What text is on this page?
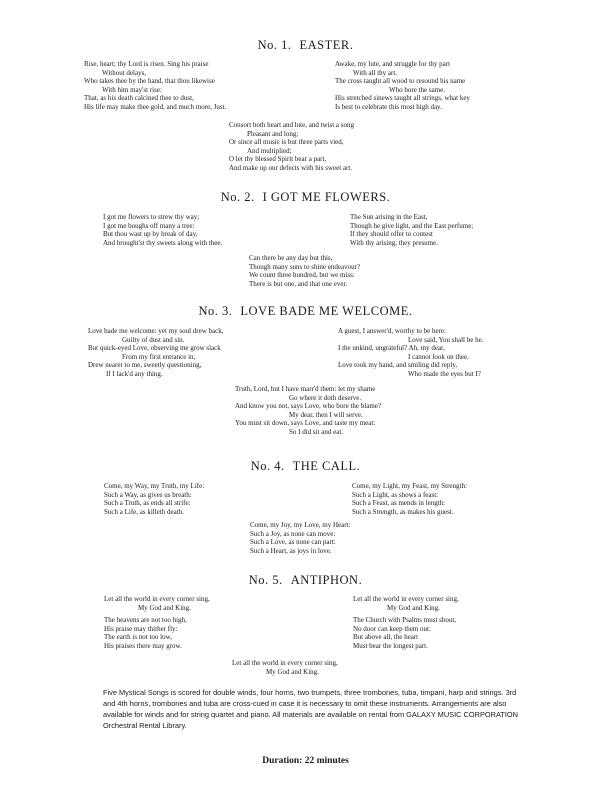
No. 1. EASTER.
Rise, heart; thy Lord is risen. Sing his praise
Without delays,
Who takes thee by the hand, that thou likewise
With him may'st rise:
That, as his death calcined thee to dust,
His life may make thee gold, and much more, Just.
Awake, my lute, and struggle for thy part
With all thy art.
The cross taught all wood to resound his name
Who bore the same.
His stretched sinews taught all strings, what key
Is best to celebrate this most high day.
Consort both heart and lute, and twist a song
Pleasant and long;
Or since all music is but three parts vied,
And multiplied;
O let thy blessed Spirit bear a part,
And make up our defects with his sweet art.
No. 2. I GOT ME FLOWERS.
I got me flowers to strew thy way;
I got me boughs off many a tree:
But thou wast up by break of day,
And brought'st thy sweets along with thee.
The Sun arising in the East,
Though he give light, and the East perfume;
If they should offer to contest
With thy arising, they presume.
Can there be any day but this,
Though many suns to shine endeavour?
We count three hundred, but we miss:
There is but one, and that one ever.
No. 3. LOVE BADE ME WELCOME.
Love bade me welcome: yet my soul drew back,
Guilty of dust and sin.
But quick-eyed Love, observing me grow slack
From my first entrance in,
Drew nearer to me, sweetly questioning,
If I lack'd any thing.
A guest, I answer'd, worthy to be here:
Love said, You shall be he.
I the unkind, ungrateful? Ah, my dear,
I cannot look on thee.
Love took my hand, and smiling did reply,
Who made the eyes but I?
Truth, Lord, but I have marr'd them: let my shame
Go where it doth deserve.
And know you not, says Love, who bore the blame?
My dear, then I will serve.
You must sit down, says Love, and taste my meat:
So I did sit and eat.
No. 4. THE CALL.
Come, my Way, my Truth, my Life:
Such a Way, as gives us breath:
Such a Truth, as ends all strife:
Such a Life, as killeth death.
Come, my Light, my Feast, my Strength:
Such a Light, as shows a feast:
Such a Feast, as mends in length:
Such a Strength, as makes his guest.
Come, my Joy, my Love, my Heart:
Such a Joy, as none can move:
Such a Love, as none can part:
Such a Heart, as joys in love.
No. 5. ANTIPHON.
Let all the world in every corner sing,
My God and King.
The heavens are not too high,
His praise may thither fly:
The earth is not too low,
His praises there may grow.
Let all the world in every corner sing,
My God and King.
The Church with Psalms must shout,
No door can keep them out:
But above all, the heart
Must bear the longest part.
Let all the world in every corner sing,
My God and King.

Five Mystical Songs is scored for double winds, four horns, two trumpets, three trombones, tuba, timpani, harp and strings. 3rd and 4th horns, trombones and tuba are cross-cued in case it is necessary to omit these instruments. Arrangements are also available for winds and for string quartet and piano. All materials are available on rental from GALAXY MUSIC CORPORATION Orchestral Rental Library.

Duration: 22 minutes
